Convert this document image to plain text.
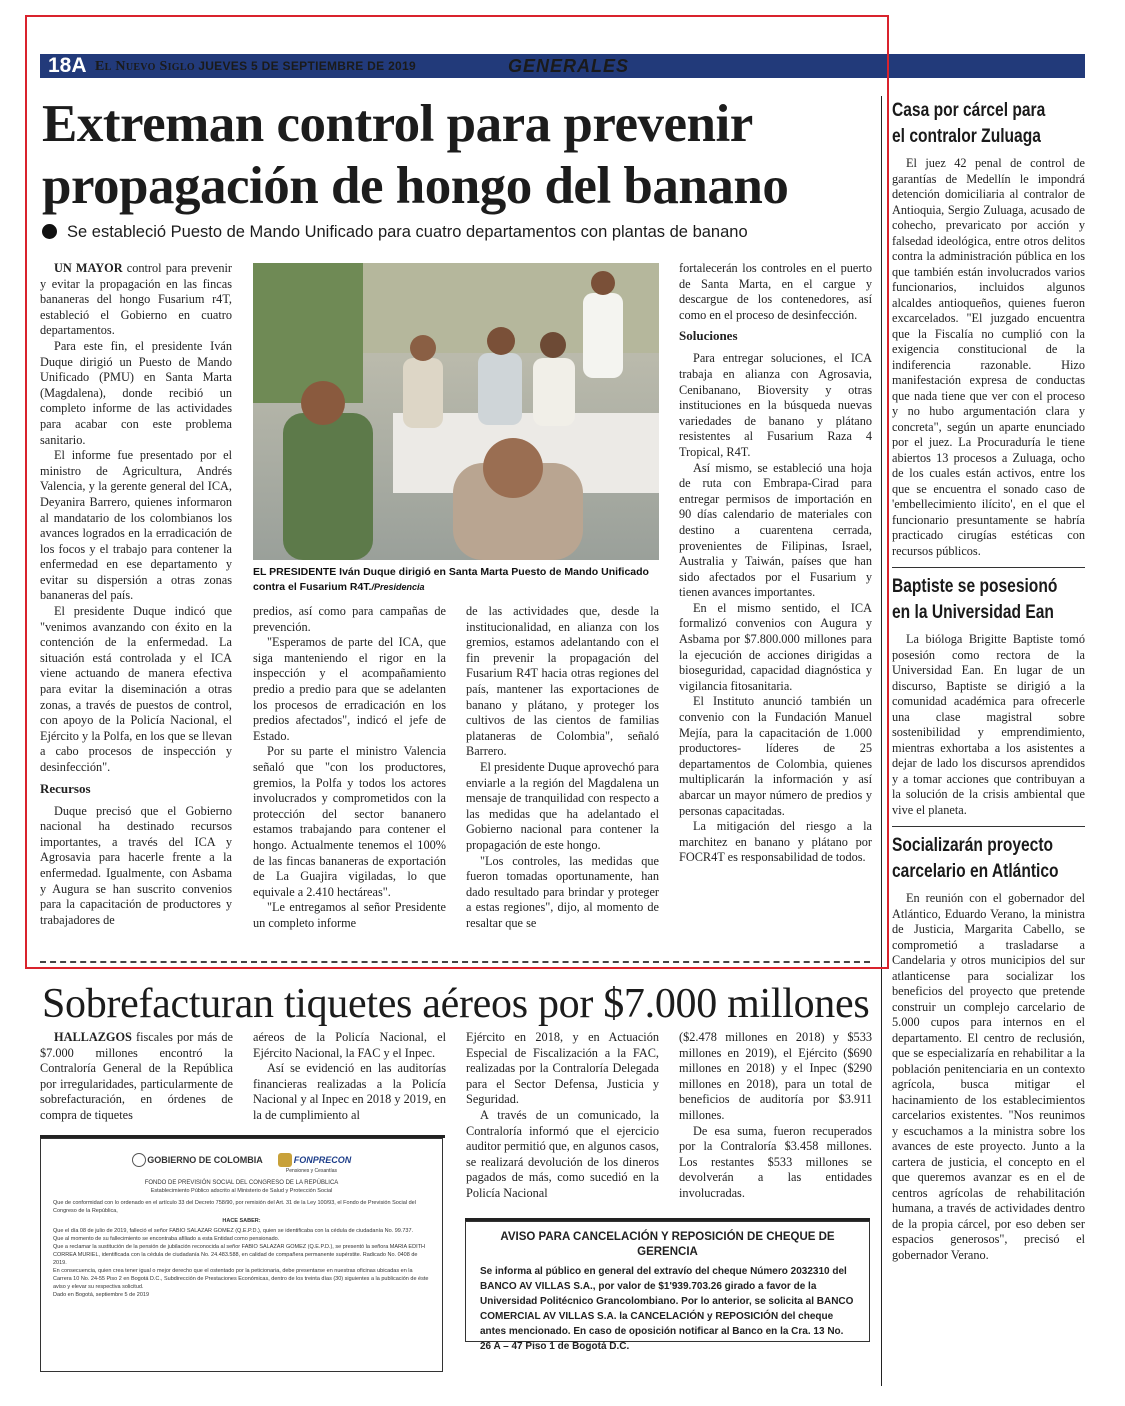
18A El Nuevo Siglo JUEVES 5 DE SEPTIEMBRE DE 2019	GENERALES
Extreman control para prevenir propagación de hongo del banano
Se estableció Puesto de Mando Unificado para cuatro departamentos con plantas de banano

UN MAYOR control para prevenir y evitar la propagación en las fincas bananeras del hongo Fusarium r4T, estableció el Gobierno en cuatro departamentos.

Para este fin, el presidente Iván Duque dirigió un Puesto de Mando Unificado (PMU) en Santa Marta (Magdalena), donde recibió un completo informe de las actividades para acabar con este problema sanitario.

El informe fue presentado por el ministro de Agricultura, Andrés Valencia, y la gerente general del ICA, Deyanira Barrero, quienes informaron al mandatario de los colombianos los avances logrados en la erradicación de los focos y el trabajo para contener la enfermedad en ese departamento y evitar su dispersión a otras zonas bananeras del país.

El presidente Duque indicó que "venimos avanzando con éxito en la contención de la enfermedad. La situación está controlada y el ICA viene actuando de manera efectiva para evitar la diseminación a otras zonas, a través de puestos de control, con apoyo de la Policía Nacional, el Ejército y la Polfa, en los que se llevan a cabo procesos de inspección y desinfección".

Recursos

Duque precisó que el Gobierno nacional ha destinado recursos importantes, a través del ICA y Agrosavia para hacerle frente a la enfermedad. Igualmente, con Asbama y Augura se han suscrito convenios para la capacitación de productores y trabajadores de

EL PRESIDENTE Iván Duque dirigió en Santa Marta Puesto de Mando Unificado contra el Fusarium R4T./Presidencia

predios, así como para campañas de prevención.

"Esperamos de parte del ICA, que siga manteniendo el rigor en la inspección y el acompañamiento predio a predio para que se adelanten los procesos de erradicación en los predios afectados", indicó el jefe de Estado.

Por su parte el ministro Valencia señaló que "con los productores, gremios, la Polfa y todos los actores involucrados y comprometidos con la protección del sector bananero estamos trabajando para contener el hongo. Actualmente tenemos el 100% de las fincas bananeras de exportación de La Guajira vigiladas, lo que equivale a 2.410 hectáreas".

"Le entregamos al señor Presidente un completo informe

de las actividades que, desde la institucionalidad, en alianza con los gremios, estamos adelantando con el fin prevenir la propagación del Fusarium R4T hacia otras regiones del país, mantener las exportaciones de banano y plátano, y proteger los cultivos de las cientos de familias plataneras de Colombia", señaló Barrero.

El presidente Duque aprovechó para enviarle a la región del Magdalena un mensaje de tranquilidad con respecto a las medidas que ha adelantado el Gobierno nacional para contener la propagación de este hongo.

"Los controles, las medidas que fueron tomadas oportunamente, han dado resultado para brindar y proteger a estas regiones", dijo, al momento de resaltar que se

fortalecerán los controles en el puerto de Santa Marta, en el cargue y descargue de los contenedores, así como en el proceso de desinfección.

Soluciones

Para entregar soluciones, el ICA trabaja en alianza con Agrosavia, Cenibanano, Bioversity y otras instituciones en la búsqueda nuevas variedades de banano y plátano resistentes al Fusarium Raza 4 Tropical, R4T.

Así mismo, se estableció una hoja de ruta con Embrapa-Cirad para entregar permisos de importación en 90 días calendario de materiales con destino a cuarentena cerrada, provenientes de Filipinas, Israel, Australia y Taiwán, países que han sido afectados por el Fusarium y tienen avances importantes.

En el mismo sentido, el ICA formalizó convenios con Augura y Asbama por $7.800.000 millones para la ejecución de acciones dirigidas a bioseguridad, capacidad diagnóstica y vigilancia fitosanitaria.

El Instituto anunció también un convenio con la Fundación Manuel Mejía, para la capacitación de 1.000 productores- líderes de 25 departamentos de Colombia, quienes multiplicarán la información y así abarcar un mayor número de predios y personas capacitadas.

La mitigación del riesgo a la marchitez en banano y plátano por FOCR4T es responsabilidad de todos.

Casa por cárcel para
el contralor Zuluaga

El juez 42 penal de control de garantías de Medellín le impondrá detención domiciliaria al contralor de Antioquia, Sergio Zuluaga, acusado de cohecho, prevaricato por acción y falsedad ideológica, entre otros delitos contra la administración pública en los que también están involucrados varios funcionarios, incluidos algunos alcaldes antioqueños, quienes fueron excarcelados. "El juzgado encuentra que la Fiscalía no cumplió con la exigencia constitucional de la indiferencia razonable. Hizo manifestación expresa de conductas que nada tiene que ver con el proceso y no hubo argumentación clara y concreta", según un aparte enunciado por el juez. La Procuraduría le tiene abiertos 13 procesos a Zuluaga, ocho de los cuales están activos, entre los que se encuentra el sonado caso de 'embellecimiento ilícito', en el que el funcionario presuntamente se habría practicado cirugías estéticas con recursos públicos.

Baptiste se posesionó
en la Universidad Ean

La bióloga Brigitte Baptiste tomó posesión como rectora de la Universidad Ean. En lugar de un discurso, Baptiste se dirigió a la comunidad académica para ofrecerle una clase magistral sobre sostenibilidad y emprendimiento, mientras exhortaba a los asistentes a dejar de lado los discursos aprendidos y a tomar acciones que contribuyan a la solución de la crisis ambiental que vive el planeta.

Socializarán proyecto
carcelario en Atlántico

En reunión con el gobernador del Atlántico, Eduardo Verano, la ministra de Justicia, Margarita Cabello, se comprometió a trasladarse a Candelaria y otros municipios del sur atlanticense para socializar los beneficios del proyecto que pretende construir un complejo carcelario de 5.000 cupos para internos en el departamento. El centro de reclusión, que se especializaría en rehabilitar a la población penitenciaria en un contexto agrícola, busca mitigar el hacinamiento de los establecimientos carcelarios existentes. "Nos reunimos y escuchamos a la ministra sobre los avances de este proyecto. Junto a la cartera de justicia, el concepto en el que queremos avanzar es en el de centros agrícolas de rehabilitación humana, a través de actividades dentro de la propia cárcel, por eso deben ser espacios generosos", precisó el gobernador Verano.

Sobrefacturan tiquetes aéreos por $7.000 millones

HALLAZGOS fiscales por más de $7.000 millones encontró la Contraloría General de la República por irregularidades, particularmente de sobrefacturación, en órdenes de compra de tiquetes

aéreos de la Policía Nacional, el Ejército Nacional, la FAC y el Inpec.

Así se evidenció en las auditorías financieras realizadas a la Policía Nacional y al Inpec en 2018 y 2019, en la de cumplimiento al

Ejército en 2018, y en Actuación Especial de Fiscalización a la FAC, realizadas por la Contraloría Delegada para el Sector Defensa, Justicia y Seguridad.

A través de un comunicado, la Contraloría informó que el ejercicio auditor permitió que, en algunos casos, se realizará devolución de los dineros pagados de más, como sucedió en la Policía Nacional

($2.478 millones en 2018) y $533 millones en 2019), el Ejército ($690 millones en 2018) y el Inpec ($290 millones en 2018), para un total de beneficios de auditoría por $3.911 millones.

De esa suma, fueron recuperados por la Contraloría $3.458 millones. Los restantes $533 millones se devolverán a las entidades involucradas.

GOBIERNO DE COLOMBIA	FONPRECON
Pensiones y Cesantías
FONDO DE PREVISIÓN SOCIAL DEL CONGRESO DE LA REPÚBLICA
Establecimiento Público adscrito al Ministerio de Salud y Protección Social

Que de conformidad con lo ordenado en el artículo 33 del Decreto 758/90, por remisión del Art. 31 de la Ley 100/93, el Fondo de Previsión Social del Congreso de la República,

HACE SABER:

Que el día 08 de julio de 2019, falleció el señor FABIO SALAZAR GOMEZ (Q.E.P.D.), quien se identificaba con la cédula de ciudadanía No. 99.737.

Que al momento de su fallecimiento se encontraba afiliado a esta Entidad como pensionado.

Que a reclamar la sustitución de la pensión de jubilación reconocida al señor FABIO SALAZAR GOMEZ (Q.E.P.D.), se presentó la señora MARIA EDITH CORREA MURIEL, identificada con la cédula de ciudadanía No. 24.483.588, en calidad de compañera permanente supérstite. Radicado No. 0408 de 2019.

En consecuencia, quien crea tener igual o mejor derecho que el ostentado por la peticionaria, debe presentarse en nuestras oficinas ubicadas en la Carrera 10 No. 24-55 Piso 2 en Bogotá D.C., Subdirección de Prestaciones Económicas, dentro de los treinta días (30) siguientes a la publicación de éste aviso y elevar su respectiva solicitud.

Dado en Bogotá, septiembre 5 de 2019

AVISO PARA CANCELACIÓN Y REPOSICIÓN DE CHEQUE DE GERENCIA
Se informa al público en general del extravío del cheque Número 2032310 del BANCO AV VILLAS S.A., por valor de $1'939.703.26 girado a favor de la Universidad Politécnico Grancolombiano. Por lo anterior, se solicita al BANCO COMERCIAL AV VILLAS S.A. la CANCELACIÓN y REPOSICIÓN del cheque antes mencionado. En caso de oposición notificar al Banco en la Cra. 13 No. 26 A – 47 Piso 1 de Bogotá D.C.
